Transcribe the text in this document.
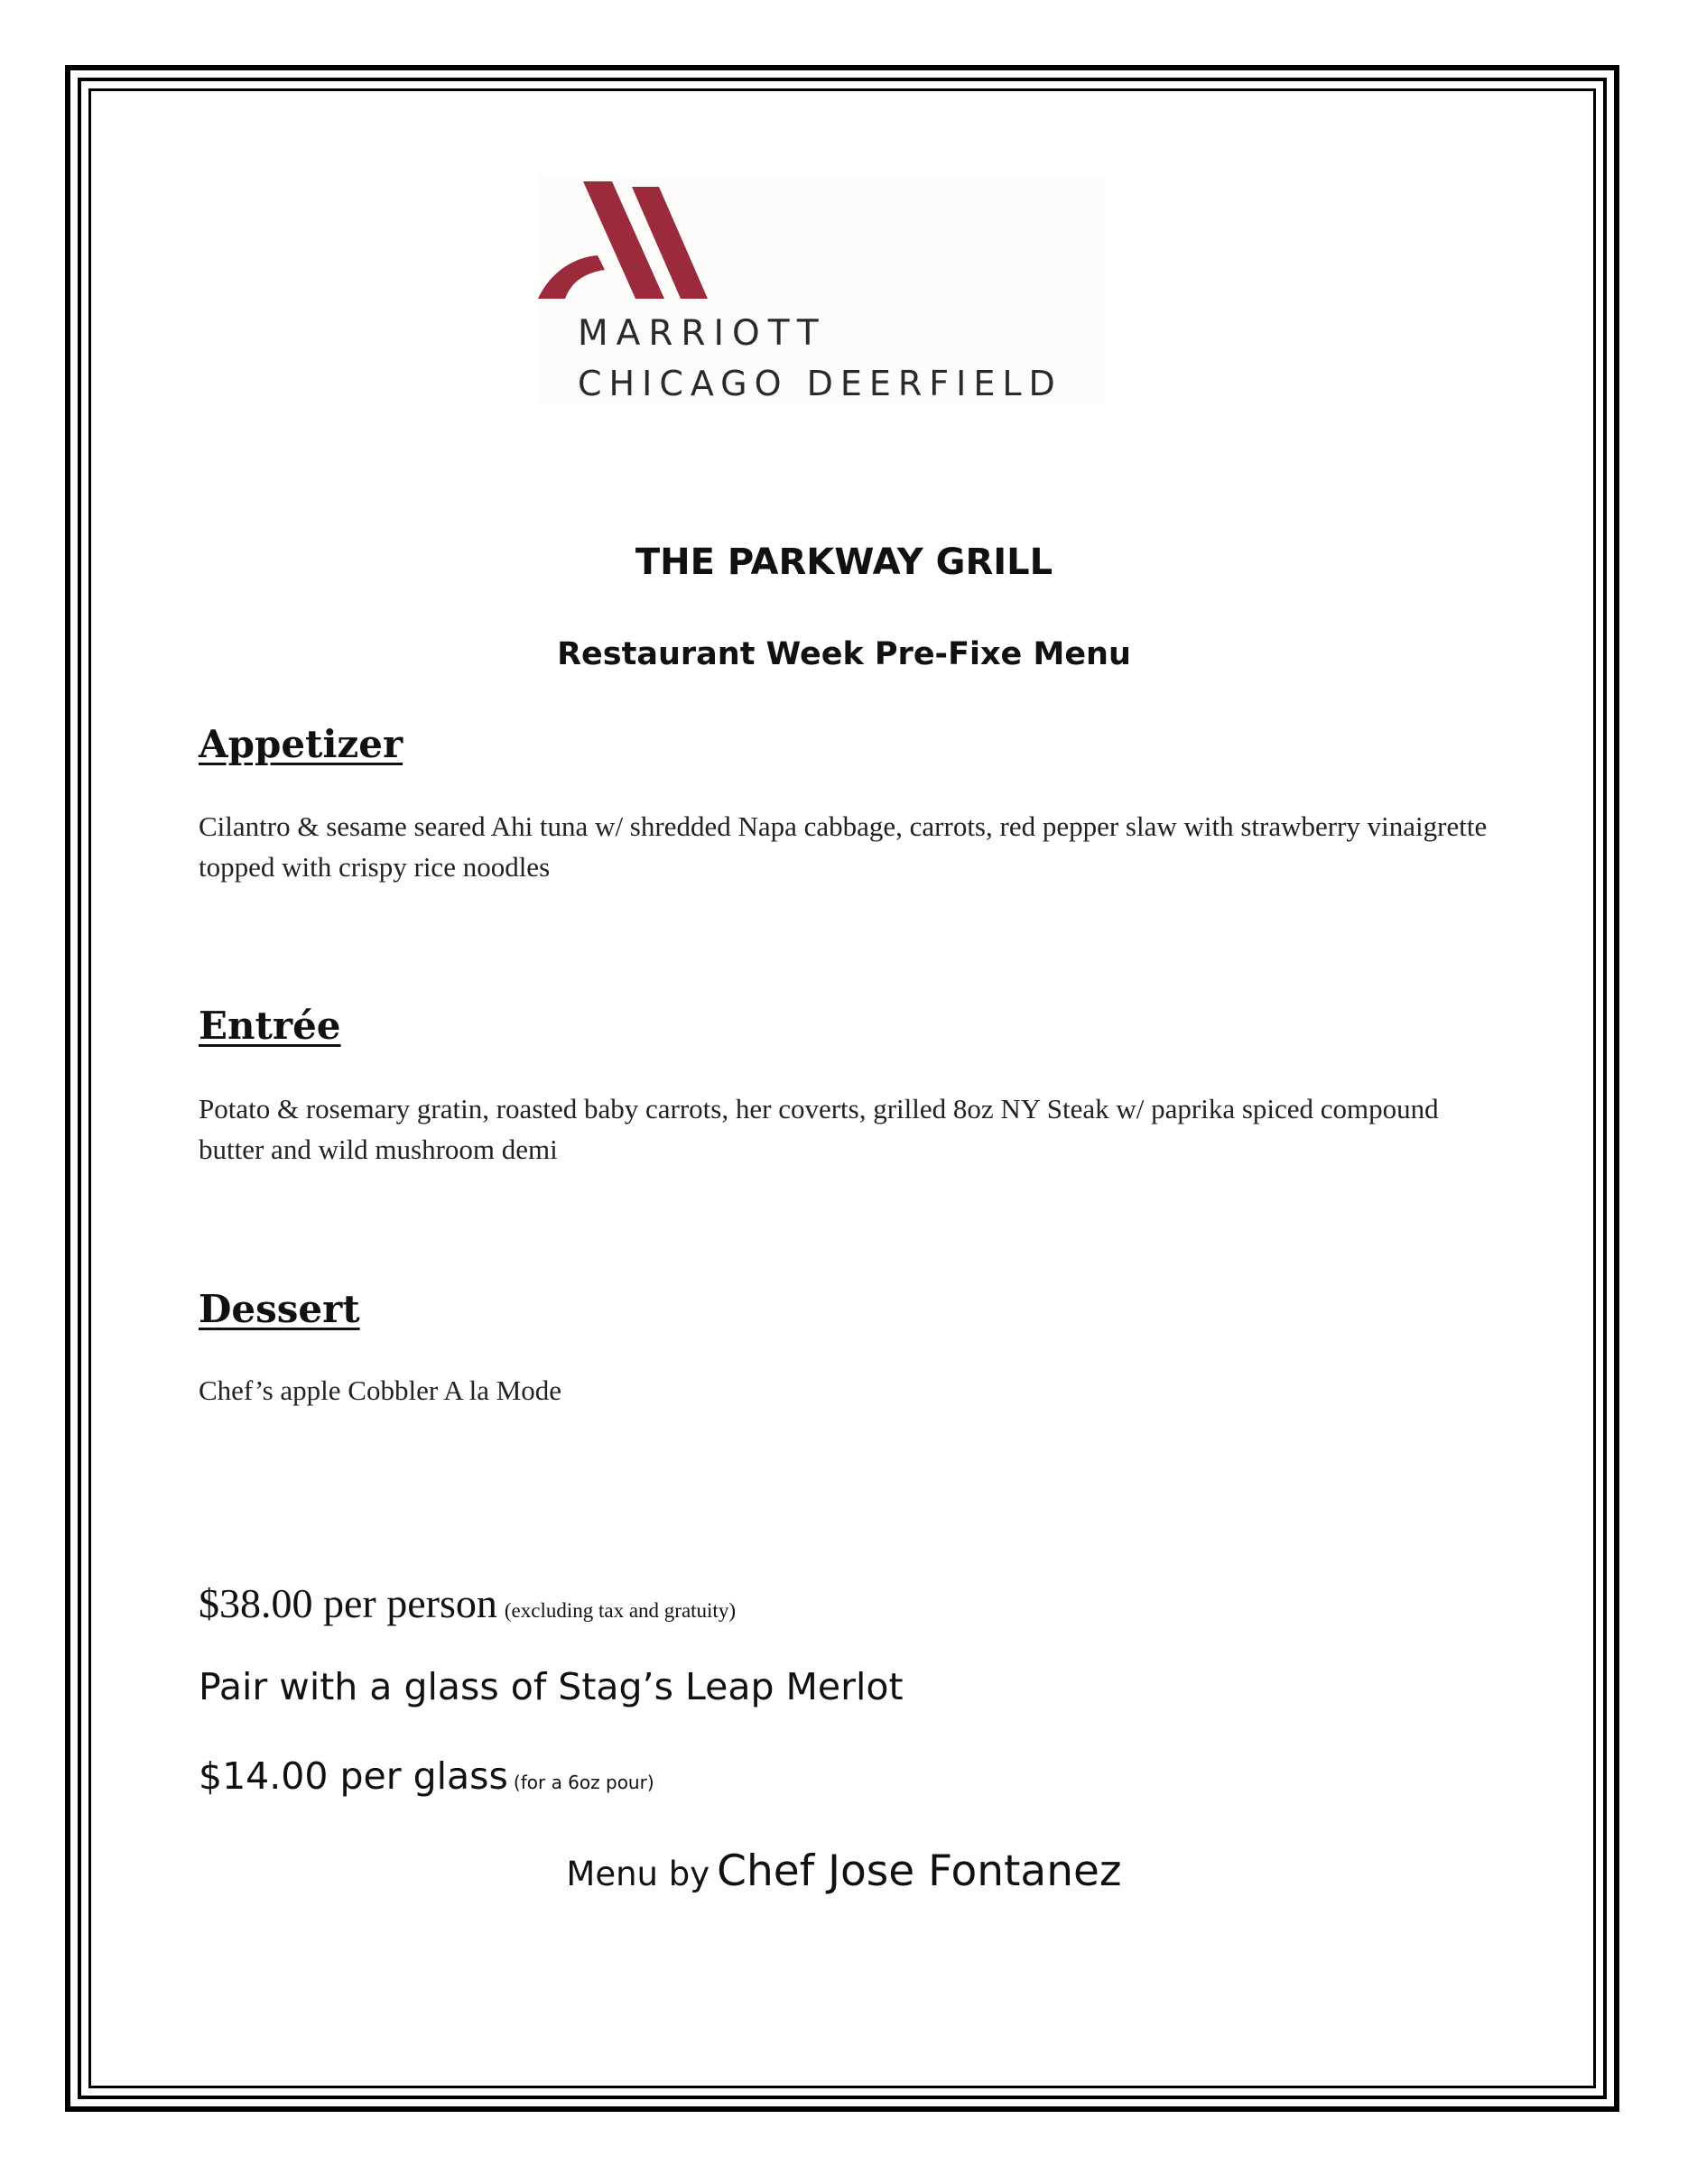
MARRIOTT
CHICAGO DEERFIELD
THE PARKWAY GRILL
Restaurant Week Pre-Fixe Menu
Appetizer
Cilantro & sesame seared Ahi tuna w/ shredded Napa cabbage, carrots, red pepper slaw with strawberry vinaigrette topped with crispy rice noodles
Entrée
Potato & rosemary gratin, roasted baby carrots, her coverts, grilled 8oz NY Steak w/ paprika spiced compound butter and wild mushroom demi
Dessert
Chef’s apple Cobbler A la Mode
$38.00 per person (excluding tax and gratuity)
Pair with a glass of Stag’s Leap Merlot
$14.00 per glass (for a 6oz pour)
Menu by Chef Jose Fontanez
